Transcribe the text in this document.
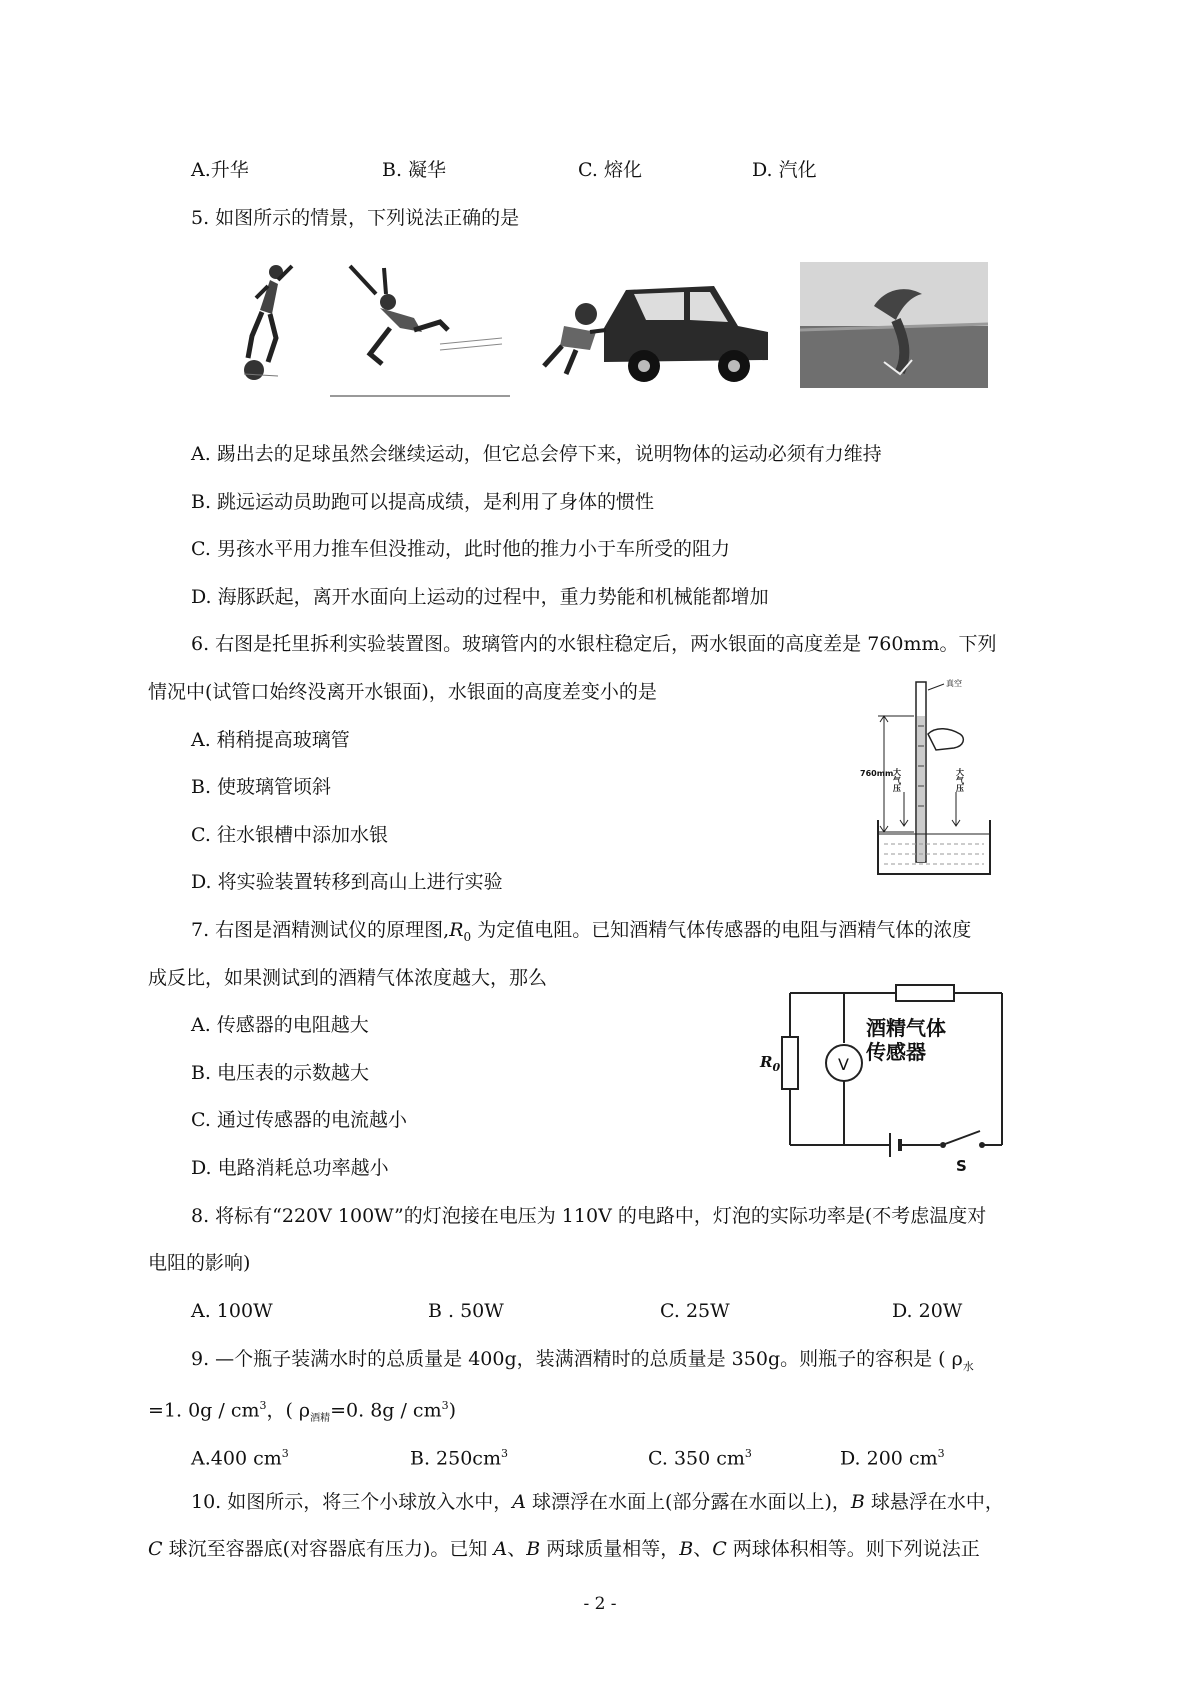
A.升华	B. 凝华	C. 熔化	D. 汽化
5. 如图所示的情景，下列说法正确的是
A. 踢出去的足球虽然会继续运动，但它总会停下来，说明物体的运动必须有力维持
B. 跳远运动员助跑可以提高成绩，是利用了身体的惯性
C. 男孩水平用力推车但没推动，此时他的推力小于车所受的阻力
D. 海豚跃起，离开水面向上运动的过程中，重力势能和机械能都增加
6. 右图是托里拆利实验装置图。玻璃管内的水银柱稳定后，两水银面的高度差是 760mm。下列
情况中(试管口始终没离开水银面)，水银面的高度差变小的是
A. 稍稍提高玻璃管
B. 使玻璃管顷斜
C. 往水银槽中添加水银
D. 将实验装置转移到高山上进行实验
真空
760mm 大气压	大气压
7. 右图是酒精测试仪的原理图$,R_0$ 为定值电阻。已知酒精气体传感器的电阻与酒精气体的浓度
成反比，如果测试到的酒精气体浓度越大，那么
A. 传感器的电阻越大
B. 电压表的示数越大
C. 通过传感器的电流越小
D. 电路消耗总功率越小
酒精气体
传感器
$R_0$	V
S
8. 将标有“220V 100W”的灯泡接在电压为 110V 的电路中，灯泡的实际功率是(不考虑温度对
电阻的影响)
A. 100W	B . 50W	C. 25W	D. 20W
9. —个瓶子装满水时的总质量是 400g，装满酒精时的总质量是 350g。则瓶子的容积是 ( $\rho_水$
=1. $0g / cm^3$，( $\rho_{酒精}=0$. $8g / cm^3$)
A.400 $cm^3$	B. $250cm^3$	C. 350 $cm^3$	D. 200 $cm^3$
10. 如图所示，将三个小球放入水中，A 球漂浮在水面上(部分露在水面以上)，B 球悬浮在水中，
C 球沉至容器底(对容器底有压力)。已知 A、B 两球质量相等，B、C 两球体积相等。则下列说法正
- 2 -
